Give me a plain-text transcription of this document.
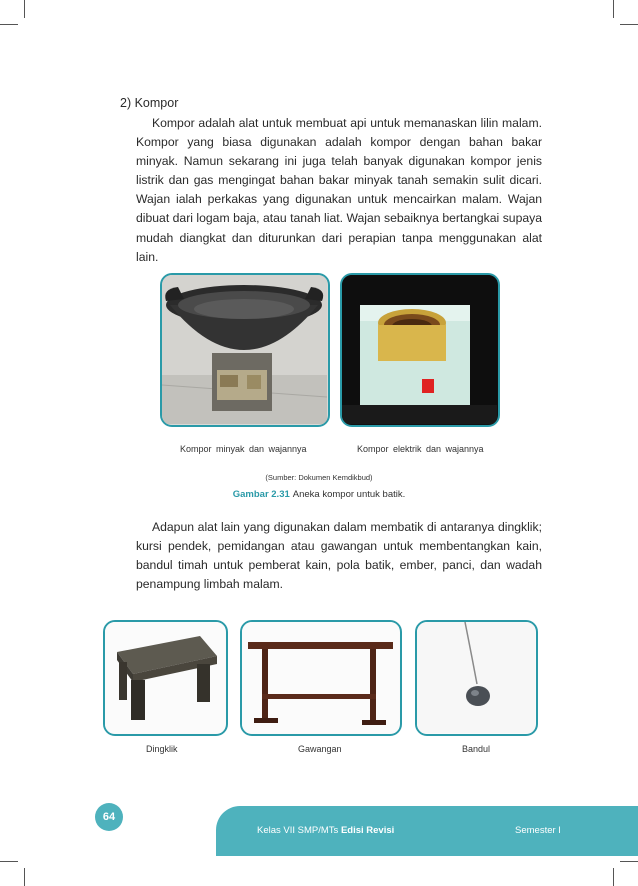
2) Kompor

Kompor adalah alat untuk membuat api untuk memanaskan lilin malam. Kompor yang biasa digunakan adalah kompor dengan bahan bakar minyak. Namun sekarang ini juga telah banyak digunakan kompor jenis listrik dan gas mengingat bahan bakar minyak tanah semakin sulit dicari. Wajan ialah perkakas yang digunakan untuk mencairkan malam. Wajan dibuat dari logam baja, atau tanah liat. Wajan sebaiknya bertangkai supaya mudah diangkat dan diturunkan dari perapian tanpa menggunakan alat lain.

Kompor minyak dan wajannya	Kompor elektrik dan wajannya
(Sumber: Dokumen Kemdikbud)
Gambar 2.31 Aneka kompor untuk batik.

Adapun alat lain yang digunakan dalam membatik di antaranya dingklik; kursi pendek, pemidangan atau gawangan untuk membentangkan kain, bandul timah untuk pemberat kain, pola batik, ember, panci, dan wadah penampung limbah malam.

Dingklik	Gawangan	Bandul
64
Kelas VII SMP/MTs Edisi Revisi	Semester I
